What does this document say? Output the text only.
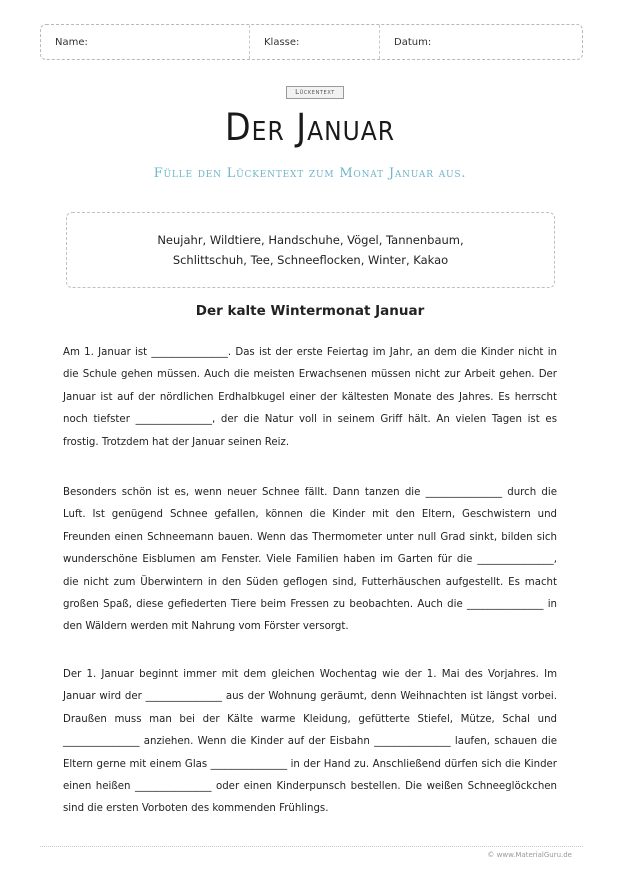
Name:	Klasse:	Datum:
Lückentext
Der Januar
Fülle den Lückentext zum Monat Januar aus.
Neujahr, Wildtiere, Handschuhe, Vögel, Tannenbaum,
Schlittschuh, Tee, Schneeflocken, Winter, Kakao
Der kalte Wintermonat Januar
Am 1. Januar ist _______________. Das ist der erste Feiertag im Jahr, an dem die Kinder nicht in die Schule gehen müssen. Auch die meisten Erwachsenen müssen nicht zur Arbeit gehen. Der Januar ist auf der nördlichen Erdhalbkugel einer der kältesten Monate des Jahres. Es herrscht noch tiefster _______________, der die Natur voll in seinem Griff hält. An vielen Tagen ist es frostig. Trotzdem hat der Januar seinen Reiz.
Besonders schön ist es, wenn neuer Schnee fällt. Dann tanzen die _______________ durch die Luft. Ist genügend Schnee gefallen, können die Kinder mit den Eltern, Geschwistern und Freunden einen Schneemann bauen. Wenn das Thermometer unter null Grad sinkt, bilden sich wunderschöne Eisblumen am Fenster. Viele Familien haben im Garten für die _______________, die nicht zum Überwintern in den Süden geflogen sind, Futterhäuschen aufgestellt. Es macht großen Spaß, diese gefiederten Tiere beim Fressen zu beobachten. Auch die _______________ in den Wäldern werden mit Nahrung vom Förster versorgt.
Der 1. Januar beginnt immer mit dem gleichen Wochentag wie der 1. Mai des Vorjahres. Im Januar wird der _______________ aus der Wohnung geräumt, denn Weihnachten ist längst vorbei. Draußen muss man bei der Kälte warme Kleidung, gefütterte Stiefel, Mütze, Schal und _______________ anziehen. Wenn die Kinder auf der Eisbahn _______________ laufen, schauen die Eltern gerne mit einem Glas _______________ in der Hand zu. Anschließend dürfen sich die Kinder einen heißen _______________ oder einen Kinderpunsch bestellen. Die weißen Schneeglöckchen sind die ersten Vorboten des kommenden Frühlings.
© www.MaterialGuru.de
